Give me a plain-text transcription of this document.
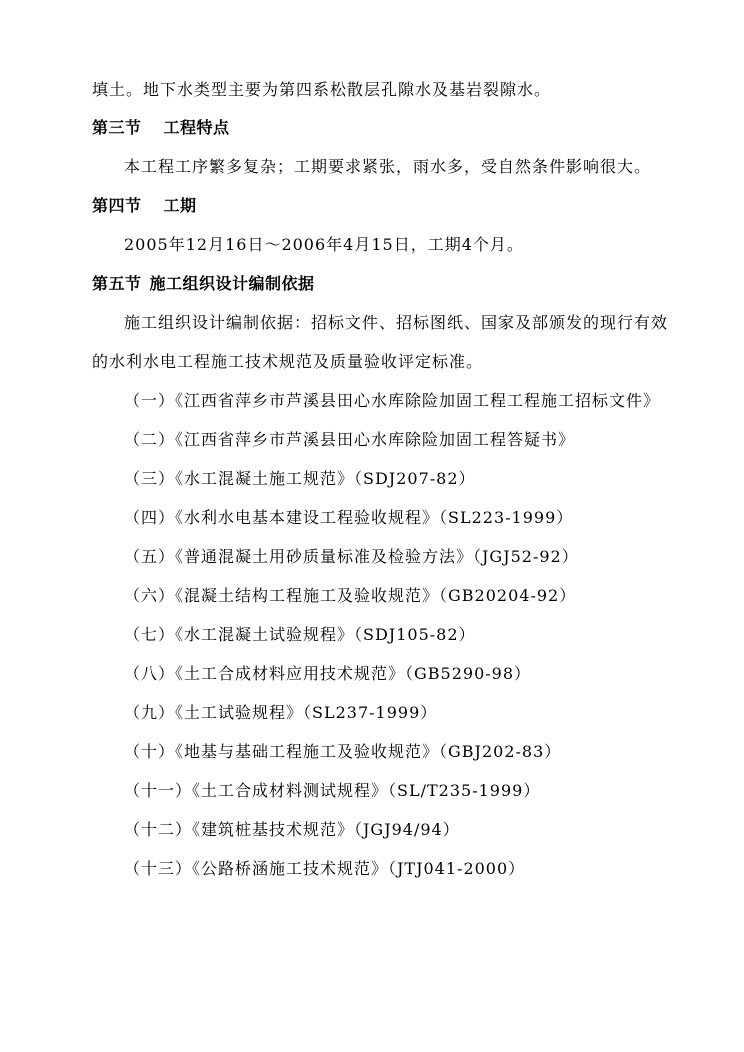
填土。地下水类型主要为第四系松散层孔隙水及基岩裂隙水。
第三节 工程特点
本工程工序繁多复杂；工期要求紧张，雨水多，受自然条件影响很大。
第四节 工期
2005年12月16日～2006年4月15日，工期4个月。
第五节 施工组织设计编制依据
施工组织设计编制依据：招标文件、招标图纸、国家及部颁发的现行有效
的水利水电工程施工技术规范及质量验收评定标准。
（一）《江西省萍乡市芦溪县田心水库除险加固工程工程施工招标文件》
（二）《江西省萍乡市芦溪县田心水库除险加固工程答疑书》
（三）《水工混凝土施工规范》（SDJ207-82）
（四）《水利水电基本建设工程验收规程》（SL223-1999）
（五）《普通混凝土用砂质量标准及检验方法》（JGJ52-92）
（六）《混凝土结构工程施工及验收规范》（GB20204-92）
（七）《水工混凝土试验规程》（SDJ105-82）
（八）《土工合成材料应用技术规范》（GB5290-98）
（九）《土工试验规程》（SL237-1999）
（十）《地基与基础工程施工及验收规范》（GBJ202-83）
（十一）《土工合成材料测试规程》（SL/T235-1999）
（十二）《建筑桩基技术规范》（JGJ94/94）
（十三）《公路桥涵施工技术规范》（JTJ041-2000）
